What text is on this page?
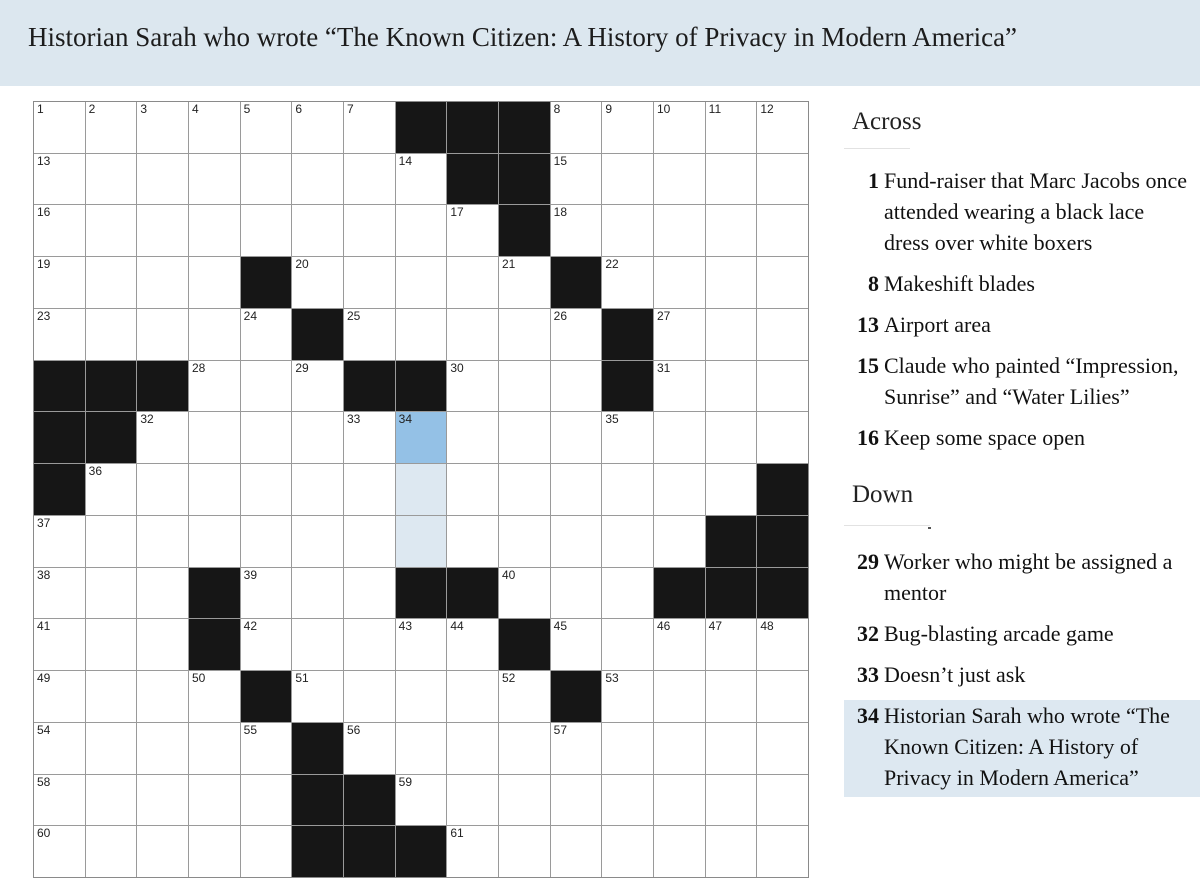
Historian Sarah who wrote “The Known Citizen: A History of Privacy in Modern America”
1	2	3	4	5	6	7	8	9	10	11	12
13	14	15
16	17	18
19	20	21	22
23	24	25	26	27
28	29	30	31
32	33	34	35
36
37
38	39	40
41	42	43	44	45	46	47	48
49	50	51	52	53
54	55	56	57
58	59
60	61
Across
1 Fund-raiser that Marc Jacobs once attended wearing a black lace dress over white boxers
8 Makeshift blades
13 Airport area
15 Claude who painted “Impression, Sunrise” and “Water Lilies”
16 Keep some space open
Down
29 Worker who might be assigned a mentor
32 Bug-blasting arcade game
33 Doesn’t just ask
34 Historian Sarah who wrote “The Known Citizen: A History of Privacy in Modern America”
